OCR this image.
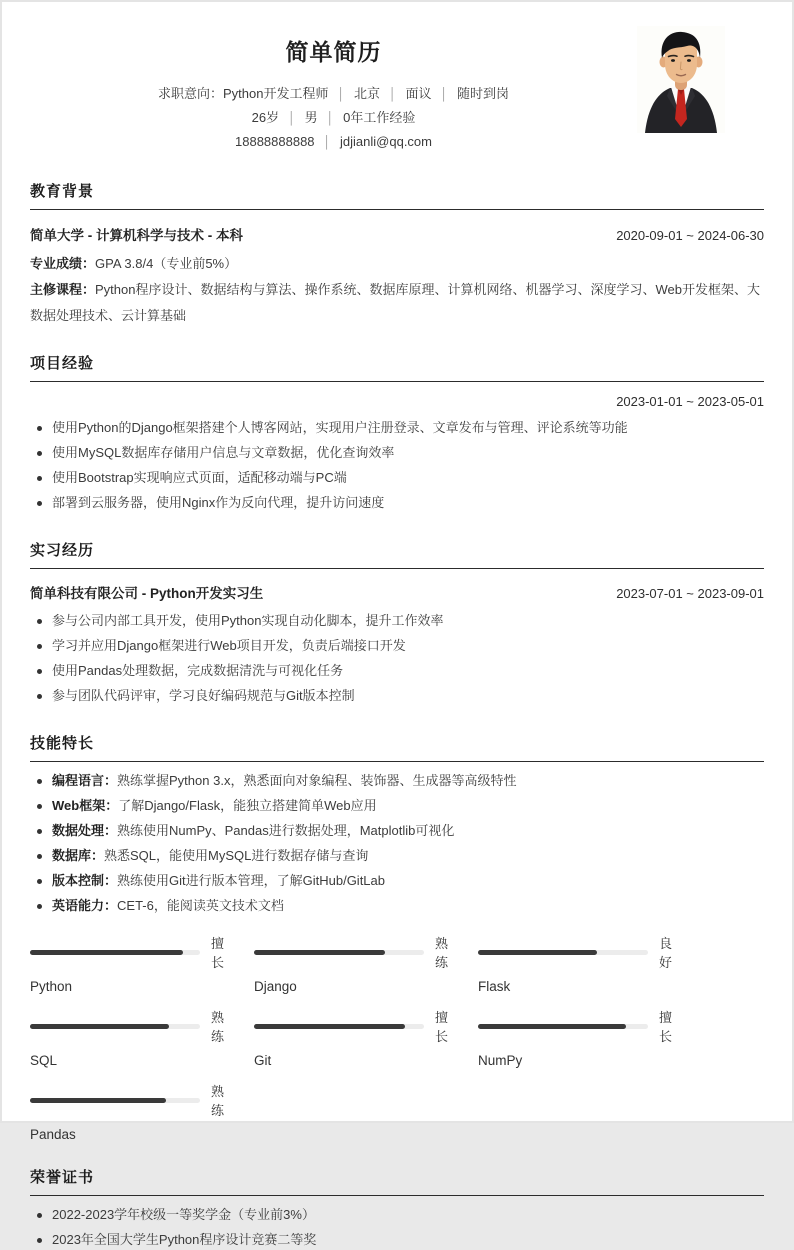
简单简历
求职意向：Python开发工程师 │ 北京 │ 面议 │ 随时到岗
26岁 │ 男 │ 0年工作经验
18888888888 │ jdjianli@qq.com
教育背景
简单大学 - 计算机科学与技术 - 本科	2020-09-01 ~ 2024-06-30
专业成绩：GPA 3.8/4（专业前5%）
主修课程：Python程序设计、数据结构与算法、操作系统、数据库原理、计算机网络、机器学习、深度学习、Web开发框架、大数据处理技术、云计算基础
项目经验
2023-01-01 ~ 2023-05-01
使用Python的Django框架搭建个人博客网站，实现用户注册登录、文章发布与管理、评论系统等功能
使用MySQL数据库存储用户信息与文章数据，优化查询效率
使用Bootstrap实现响应式页面，适配移动端与PC端
部署到云服务器，使用Nginx作为反向代理，提升访问速度
实习经历
简单科技有限公司 - Python开发实习生	2023-07-01 ~ 2023-09-01
参与公司内部工具开发，使用Python实现自动化脚本，提升工作效率
学习并应用Django框架进行Web项目开发，负责后端接口开发
使用Pandas处理数据，完成数据清洗与可视化任务
参与团队代码评审，学习良好编码规范与Git版本控制
技能特长
编程语言：熟练掌握Python 3.x，熟悉面向对象编程、装饰器、生成器等高级特性
Web框架：了解Django/Flask，能独立搭建简单Web应用
数据处理：熟练使用NumPy、Pandas进行数据处理，Matplotlib可视化
数据库：熟悉SQL，能使用MySQL进行数据存储与查询
版本控制：熟练使用Git进行版本管理，了解GitHub/GitLab
英语能力：CET-6，能阅读英文技术文档
擅长
Python
熟练
Django
良好
Flask
熟练
SQL
擅长
Git
擅长
NumPy
熟练
Pandas
荣誉证书
2022-2023学年校级一等奖学金（专业前3%）
2023年全国大学生Python程序设计竞赛二等奖
